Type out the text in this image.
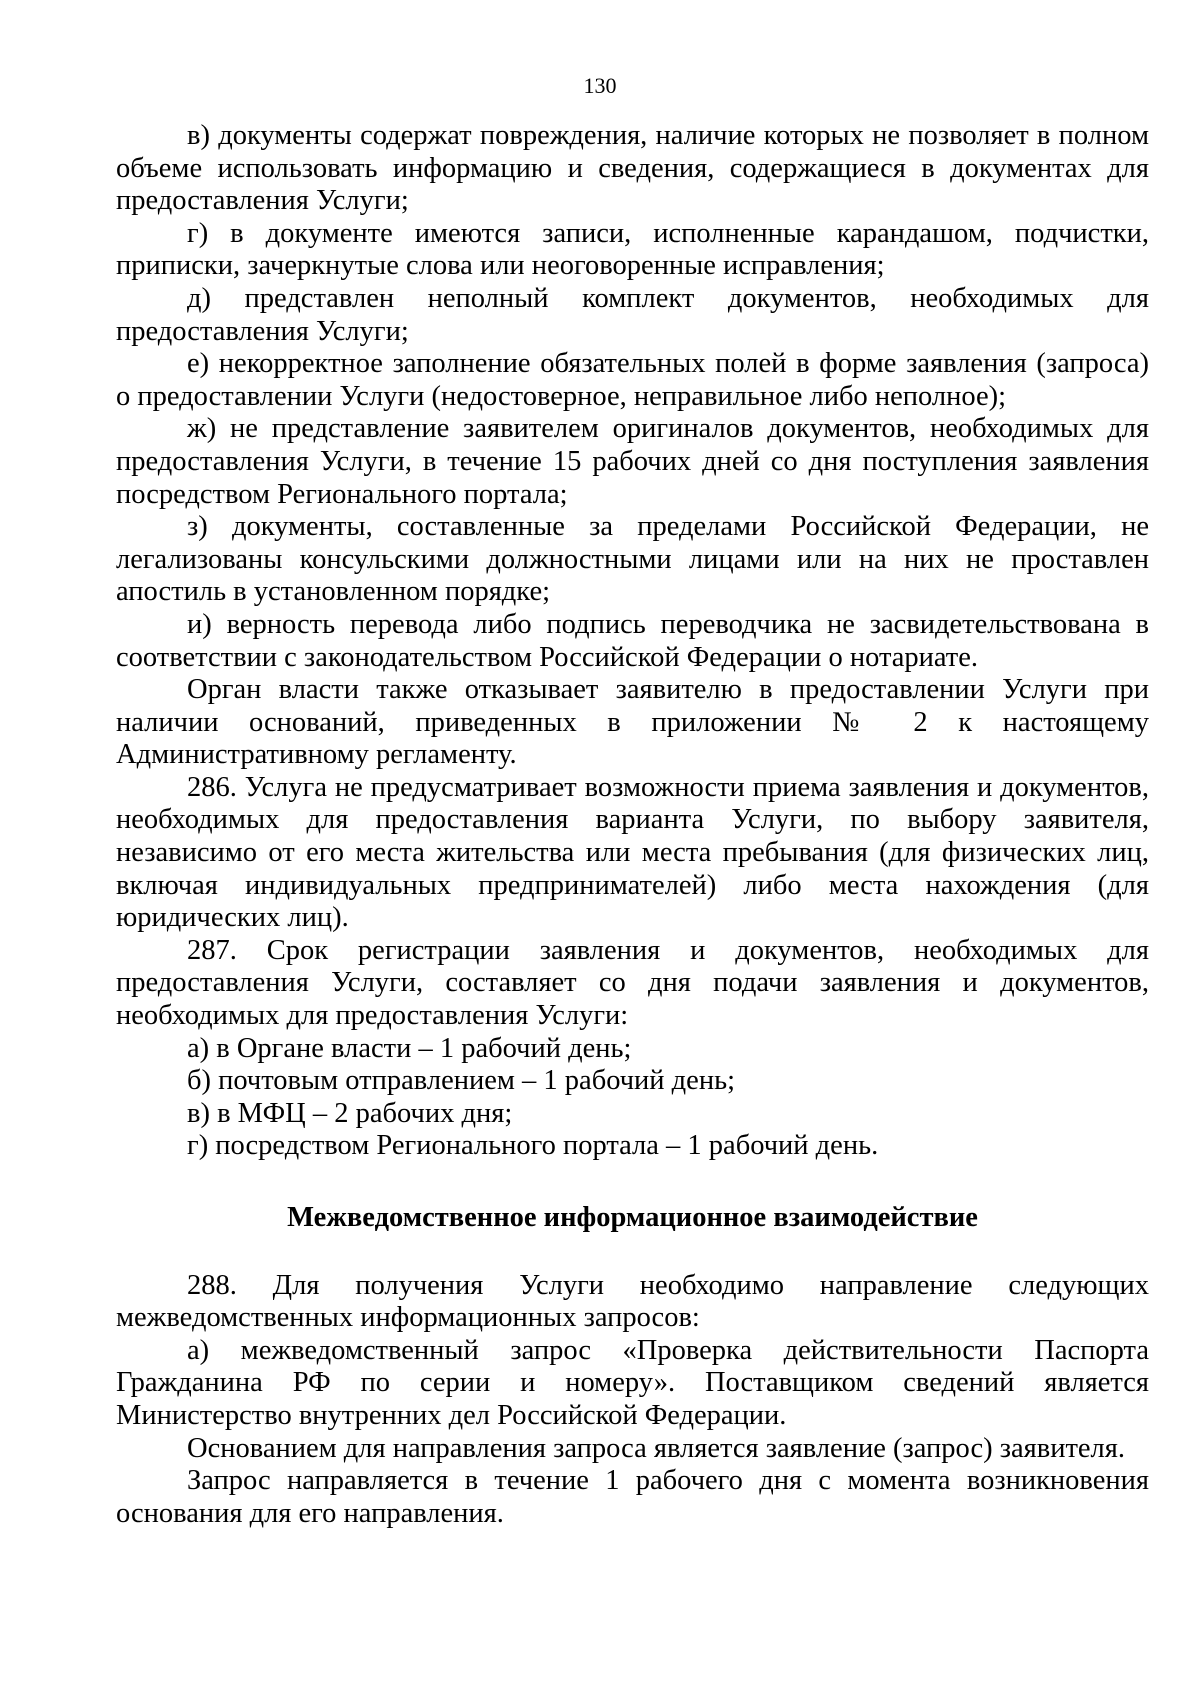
130

в) документы содержат повреждения, наличие которых не позволяет в полном объеме использовать информацию и сведения, содержащиеся в документах для предоставления Услуги;

г) в документе имеются записи, исполненные карандашом, подчистки, приписки, зачеркнутые слова или неоговоренные исправления;

д) представлен неполный комплект документов, необходимых для предоставления Услуги;

е) некорректное заполнение обязательных полей в форме заявления (запроса) о предоставлении Услуги (недостоверное, неправильное либо неполное);

ж) не представление заявителем оригиналов документов, необходимых для предоставления Услуги, в течение 15 рабочих дней со дня поступления заявления посредством Регионального портала;

з) документы, составленные за пределами Российской Федерации, не легализованы консульскими должностными лицами или на них не проставлен апостиль в установленном порядке;

и) верность перевода либо подпись переводчика не засвидетельствована в соответствии с законодательством Российской Федерации о нотариате.

Орган власти также отказывает заявителю в предоставлении Услуги при наличии оснований, приведенных в приложении № 2 к настоящему Административному регламенту.

286. Услуга не предусматривает возможности приема заявления и документов, необходимых для предоставления варианта Услуги, по выбору заявителя, независимо от его места жительства или места пребывания (для физических лиц, включая индивидуальных предпринимателей) либо места нахождения (для юридических лиц).

287. Срок регистрации заявления и документов, необходимых для предоставления Услуги, составляет со дня подачи заявления и документов, необходимых для предоставления Услуги:

а) в Органе власти – 1 рабочий день;

б) почтовым отправлением – 1 рабочий день;

в) в МФЦ – 2 рабочих дня;

г) посредством Регионального портала – 1 рабочий день.

Межведомственное информационное взаимодействие

288. Для получения Услуги необходимо направление следующих межведомственных информационных запросов:

а) межведомственный запрос «Проверка действительности Паспорта Гражданина РФ по серии и номеру». Поставщиком сведений является Министерство внутренних дел Российской Федерации.

Основанием для направления запроса является заявление (запрос) заявителя.

Запрос направляется в течение 1 рабочего дня с момента возникновения основания для его направления.
